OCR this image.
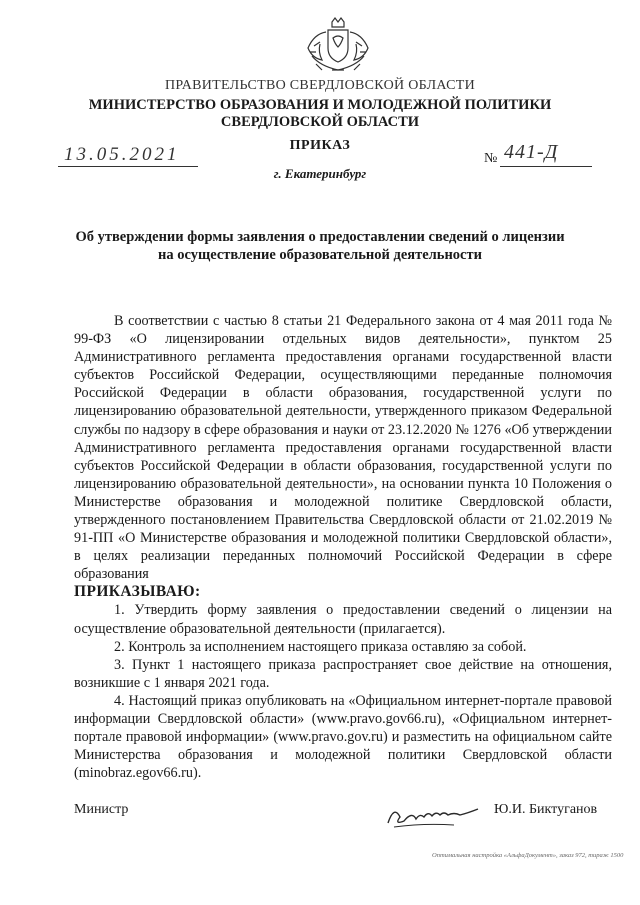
ПРАВИТЕЛЬСТВО СВЕРДЛОВСКОЙ ОБЛАСТИ
МИНИСТЕРСТВО ОБРАЗОВАНИЯ И МОЛОДЕЖНОЙ ПОЛИТИКИ
СВЕРДЛОВСКОЙ ОБЛАСТИ
ПРИКАЗ
13.05.2021	№ 441-Д
г. Екатеринбург
Об утверждении формы заявления о предоставлении сведений о лицензии
на осуществление образовательной деятельности

В соответствии с частью 8 статьи 21 Федерального закона от 4 мая 2011 года № 99-ФЗ «О лицензировании отдельных видов деятельности», пунктом 25 Административного регламента предоставления органами государственной власти субъектов Российской Федерации, осуществляющими переданные полномочия Российской Федерации в области образования, государственной услуги по лицензированию образовательной деятельности, утвержденного приказом Федеральной службы по надзору в сфере образования и науки от 23.12.2020 № 1276 «Об утверждении Административного регламента предоставления органами государственной власти субъектов Российской Федерации в области образования, государственной услуги по лицензированию образовательной деятельности», на основании пункта 10 Положения о Министерстве образования и молодежной политике Свердловской области, утвержденного постановлением Правительства Свердловской области от 21.02.2019 № 91-ПП «О Министерстве образования и молодежной политики Свердловской области», в целях реализации переданных полномочий Российской Федерации в сфере образования

ПРИКАЗЫВАЮ:

1. Утвердить форму заявления о предоставлении сведений о лицензии на осуществление образовательной деятельности (прилагается).

2. Контроль за исполнением настоящего приказа оставляю за собой.

3. Пункт 1 настоящего приказа распространяет свое действие на отношения, возникшие с 1 января 2021 года.

4. Настоящий приказ опубликовать на «Официальном интернет-портале правовой информации Свердловской области» (www.pravo.gov66.ru), «Официальном интернет-портале правовой информации» (www.pravo.gov.ru) и разместить на официальном сайте Министерства образования и молодежной политики Свердловской области (minobraz.egov66.ru).

Министр	Ю.И. Биктуганов
Оптимальная настройка «АльфаДокумент», заказ 972, тираж 1500
